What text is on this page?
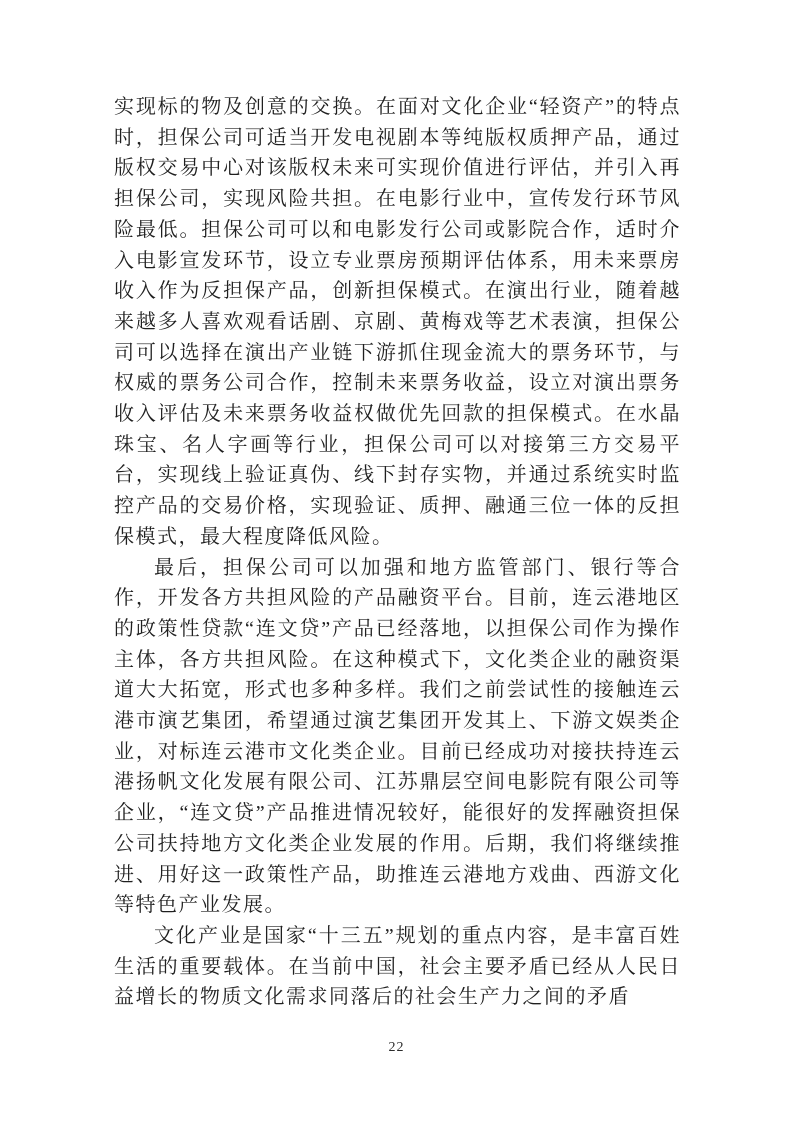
实现标的物及创意的交换。在面对文化企业“轻资产”的特点时，担保公司可适当开发电视剧本等纯版权质押产品，通过版权交易中心对该版权未来可实现价值进行评估，并引入再担保公司，实现风险共担。在电影行业中，宣传发行环节风险最低。担保公司可以和电影发行公司或影院合作，适时介入电影宣发环节，设立专业票房预期评估体系，用未来票房收入作为反担保产品，创新担保模式。在演出行业，随着越来越多人喜欢观看话剧、京剧、黄梅戏等艺术表演，担保公司可以选择在演出产业链下游抓住现金流大的票务环节，与权威的票务公司合作，控制未来票务收益，设立对演出票务收入评估及未来票务收益权做优先回款的担保模式。在水晶珠宝、名人字画等行业，担保公司可以对接第三方交易平台，实现线上验证真伪、线下封存实物，并通过系统实时监控产品的交易价格，实现验证、质押、融通三位一体的反担保模式，最大程度降低风险。

最后，担保公司可以加强和地方监管部门、银行等合作，开发各方共担风险的产品融资平台。目前，连云港地区的政策性贷款“连文贷”产品已经落地，以担保公司作为操作主体，各方共担风险。在这种模式下，文化类企业的融资渠道大大拓宽，形式也多种多样。我们之前尝试性的接触连云港市演艺集团，希望通过演艺集团开发其上、下游文娱类企业，对标连云港市文化类企业。目前已经成功对接扶持连云港扬帆文化发展有限公司、江苏鼎层空间电影院有限公司等企业，“连文贷”产品推进情况较好，能很好的发挥融资担保公司扶持地方文化类企业发展的作用。后期，我们将继续推进、用好这一政策性产品，助推连云港地方戏曲、西游文化等特色产业发展。

文化产业是国家“十三五”规划的重点内容，是丰富百姓生活的重要载体。在当前中国，社会主要矛盾已经从人民日益增长的物质文化需求同落后的社会生产力之间的矛盾

22
